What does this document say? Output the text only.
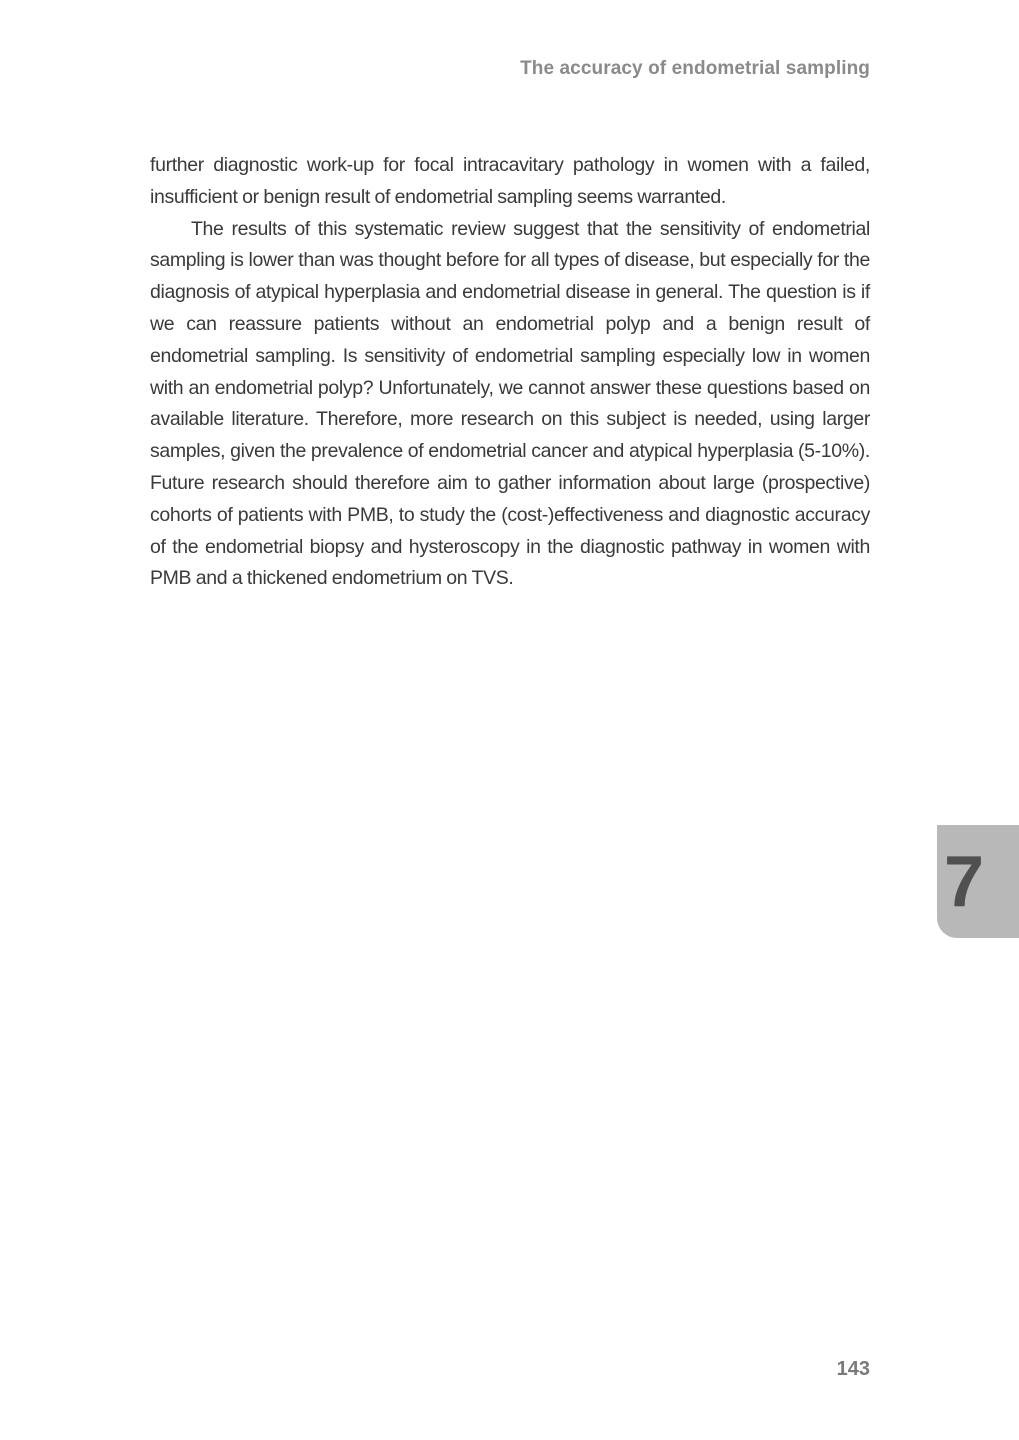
The accuracy of endometrial sampling

further diagnostic work-up for focal intracavitary pathology in women with a failed, insufficient or benign result of endometrial sampling seems warranted.

The results of this systematic review suggest that the sensitivity of endometrial sampling is lower than was thought before for all types of disease, but especially for the diagnosis of atypical hyperplasia and endometrial disease in general. The question is if we can reassure patients without an endometrial polyp and a benign result of endometrial sampling. Is sensitivity of endometrial sampling especially low in women with an endometrial polyp? Unfortunately, we cannot answer these questions based on available literature. Therefore, more research on this subject is needed, using larger samples, given the prevalence of endometrial cancer and atypical hyperplasia (5-10%). Future research should therefore aim to gather information about large (prospective) cohorts of patients with PMB, to study the (cost-)effectiveness and diagnostic accuracy of the endometrial biopsy and hysteroscopy in the diagnostic pathway in women with PMB and a thickened endometrium on TVS.

7
143
